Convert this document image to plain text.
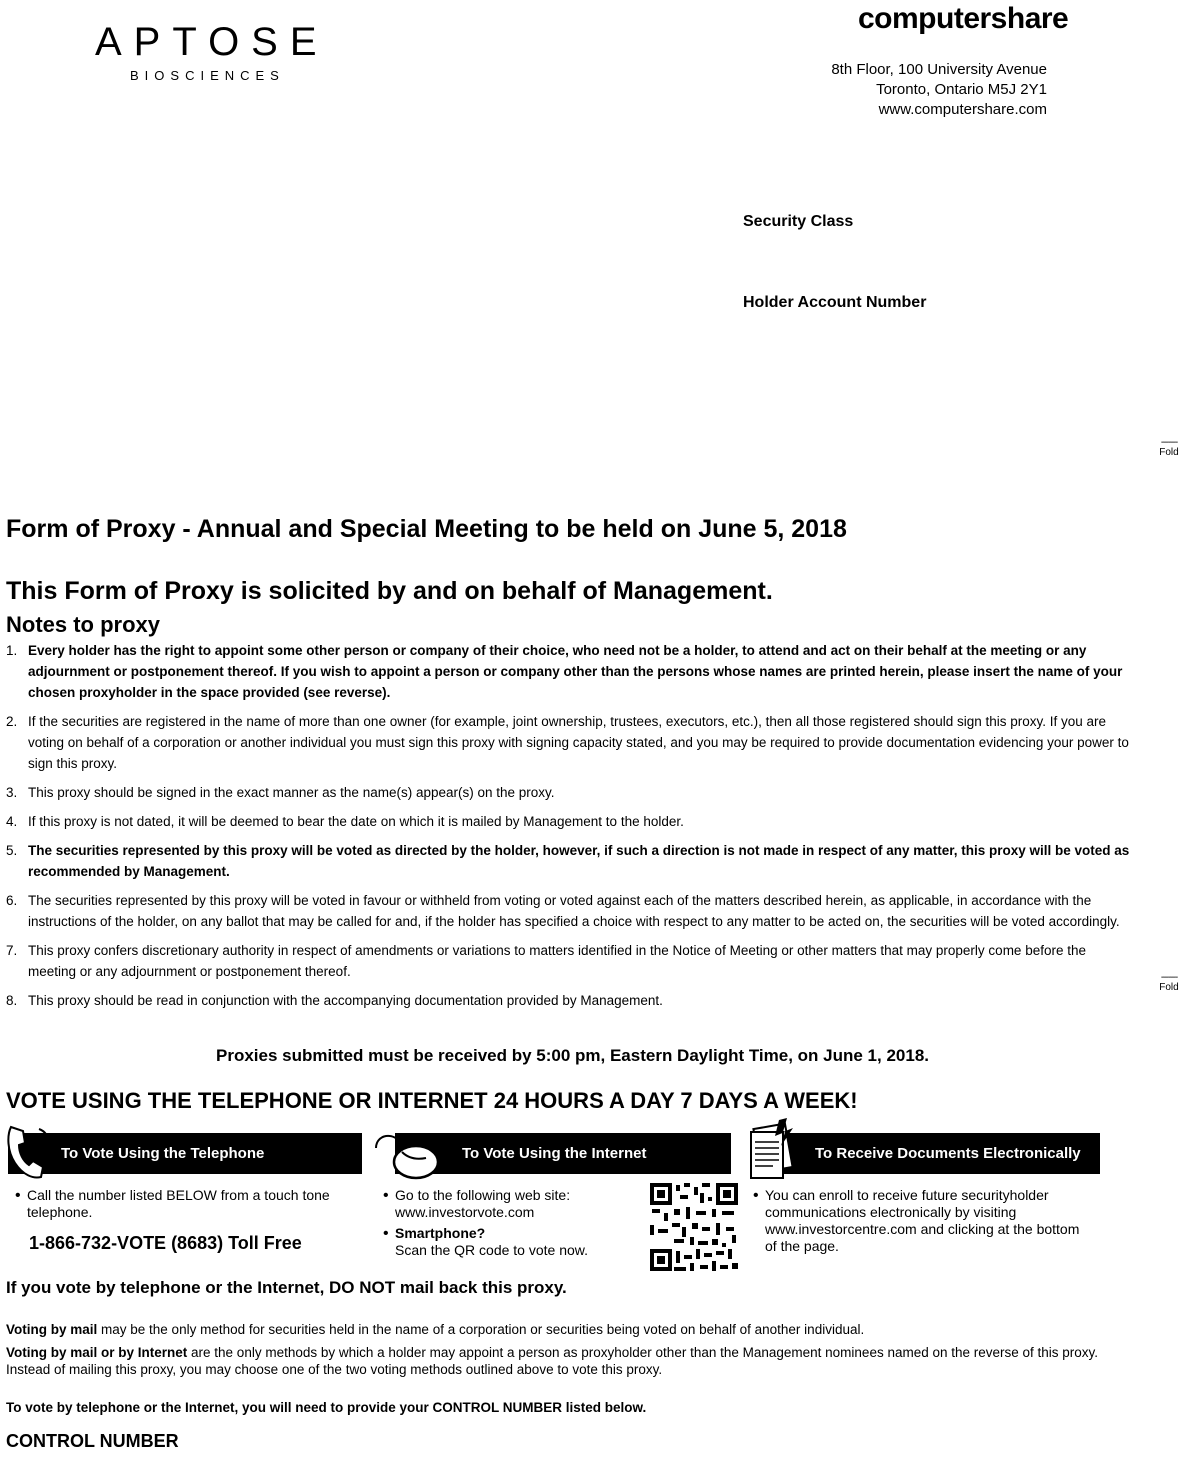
APTOSE
BIOSCIENCES
computershare
8th Floor, 100 University Avenue
Toronto, Ontario M5J 2Y1
www.computershare.com
Security Class
Holder Account Number
-------
Fold
-------
Fold
Form of Proxy - Annual and Special Meeting to be held on June 5, 2018
This Form of Proxy is solicited by and on behalf of Management.
Notes to proxy
1. Every holder has the right to appoint some other person or company of their choice, who need not be a holder, to attend and act on their behalf at the meeting or any adjournment or postponement thereof. If you wish to appoint a person or company other than the persons whose names are printed herein, please insert the name of your chosen proxyholder in the space provided (see reverse).
2. If the securities are registered in the name of more than one owner (for example, joint ownership, trustees, executors, etc.), then all those registered should sign this proxy. If you are voting on behalf of a corporation or another individual you must sign this proxy with signing capacity stated, and you may be required to provide documentation evidencing your power to sign this proxy.
3. This proxy should be signed in the exact manner as the name(s) appear(s) on the proxy.
4. If this proxy is not dated, it will be deemed to bear the date on which it is mailed by Management to the holder.
5. The securities represented by this proxy will be voted as directed by the holder, however, if such a direction is not made in respect of any matter, this proxy will be voted as recommended by Management.
6. The securities represented by this proxy will be voted in favour or withheld from voting or voted against each of the matters described herein, as applicable, in accordance with the instructions of the holder, on any ballot that may be called for and, if the holder has specified a choice with respect to any matter to be acted on, the securities will be voted accordingly.
7. This proxy confers discretionary authority in respect of amendments or variations to matters identified in the Notice of Meeting or other matters that may properly come before the meeting or any adjournment or postponement thereof.
8. This proxy should be read in conjunction with the accompanying documentation provided by Management.
Proxies submitted must be received by 5:00 pm, Eastern Daylight Time, on June 1, 2018.
VOTE USING THE TELEPHONE OR INTERNET 24 HOURS A DAY 7 DAYS A WEEK!
To Vote Using the Telephone
• Call the number listed BELOW from a touch tone telephone.
1-866-732-VOTE (8683) Toll Free
To Vote Using the Internet
• Go to the following web site:
www.investorvote.com
• Smartphone?
Scan the QR code to vote now.
To Receive Documents Electronically
• You can enroll to receive future securityholder communications electronically by visiting www.investorcentre.com and clicking at the bottom of the page.
If you vote by telephone or the Internet, DO NOT mail back this proxy.
Voting by mail may be the only method for securities held in the name of a corporation or securities being voted on behalf of another individual.
Voting by mail or by Internet are the only methods by which a holder may appoint a person as proxyholder other than the Management nominees named on the reverse of this proxy. Instead of mailing this proxy, you may choose one of the two voting methods outlined above to vote this proxy.
To vote by telephone or the Internet, you will need to provide your CONTROL NUMBER listed below.
CONTROL NUMBER
